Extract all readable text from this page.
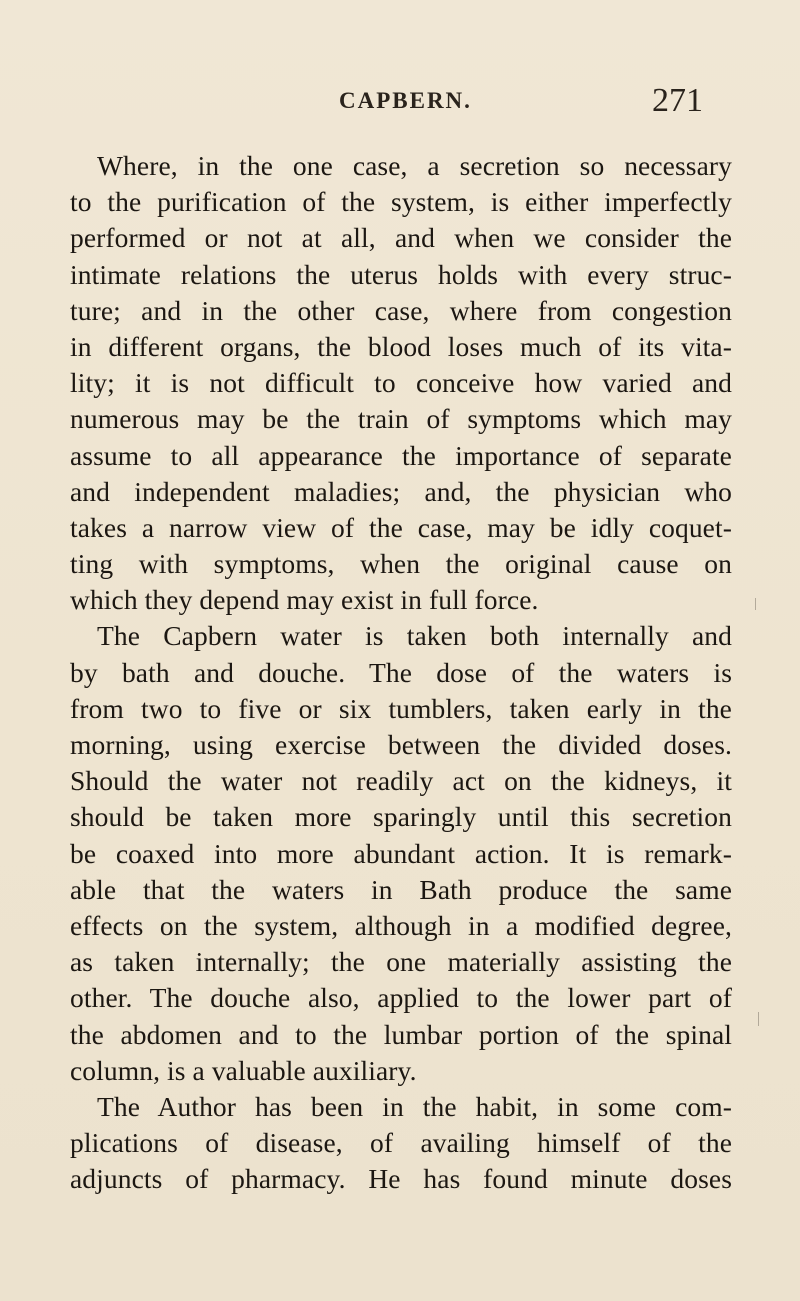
CAPBERN.	271
Where, in the one case, a secretion so necessary
to the purification of the system, is either imperfectly
performed or not at all, and when we consider the
intimate relations the uterus holds with every struc-
ture; and in the other case, where from congestion
in different organs, the blood loses much of its vita-
lity; it is not difficult to conceive how varied and
numerous may be the train of symptoms which may
assume to all appearance the importance of separate
and independent maladies; and, the physician who
takes a narrow view of the case, may be idly coquet-
ting with symptoms, when the original cause on
which they depend may exist in full force.
The Capbern water is taken both internally and
by bath and douche. The dose of the waters is
from two to five or six tumblers, taken early in the
morning, using exercise between the divided doses.
Should the water not readily act on the kidneys, it
should be taken more sparingly until this secretion
be coaxed into more abundant action. It is remark-
able that the waters in Bath produce the same
effects on the system, although in a modified degree,
as taken internally; the one materially assisting the
other. The douche also, applied to the lower part of
the abdomen and to the lumbar portion of the spinal
column, is a valuable auxiliary.
The Author has been in the habit, in some com-
plications of disease, of availing himself of the
adjuncts of pharmacy. He has found minute doses
